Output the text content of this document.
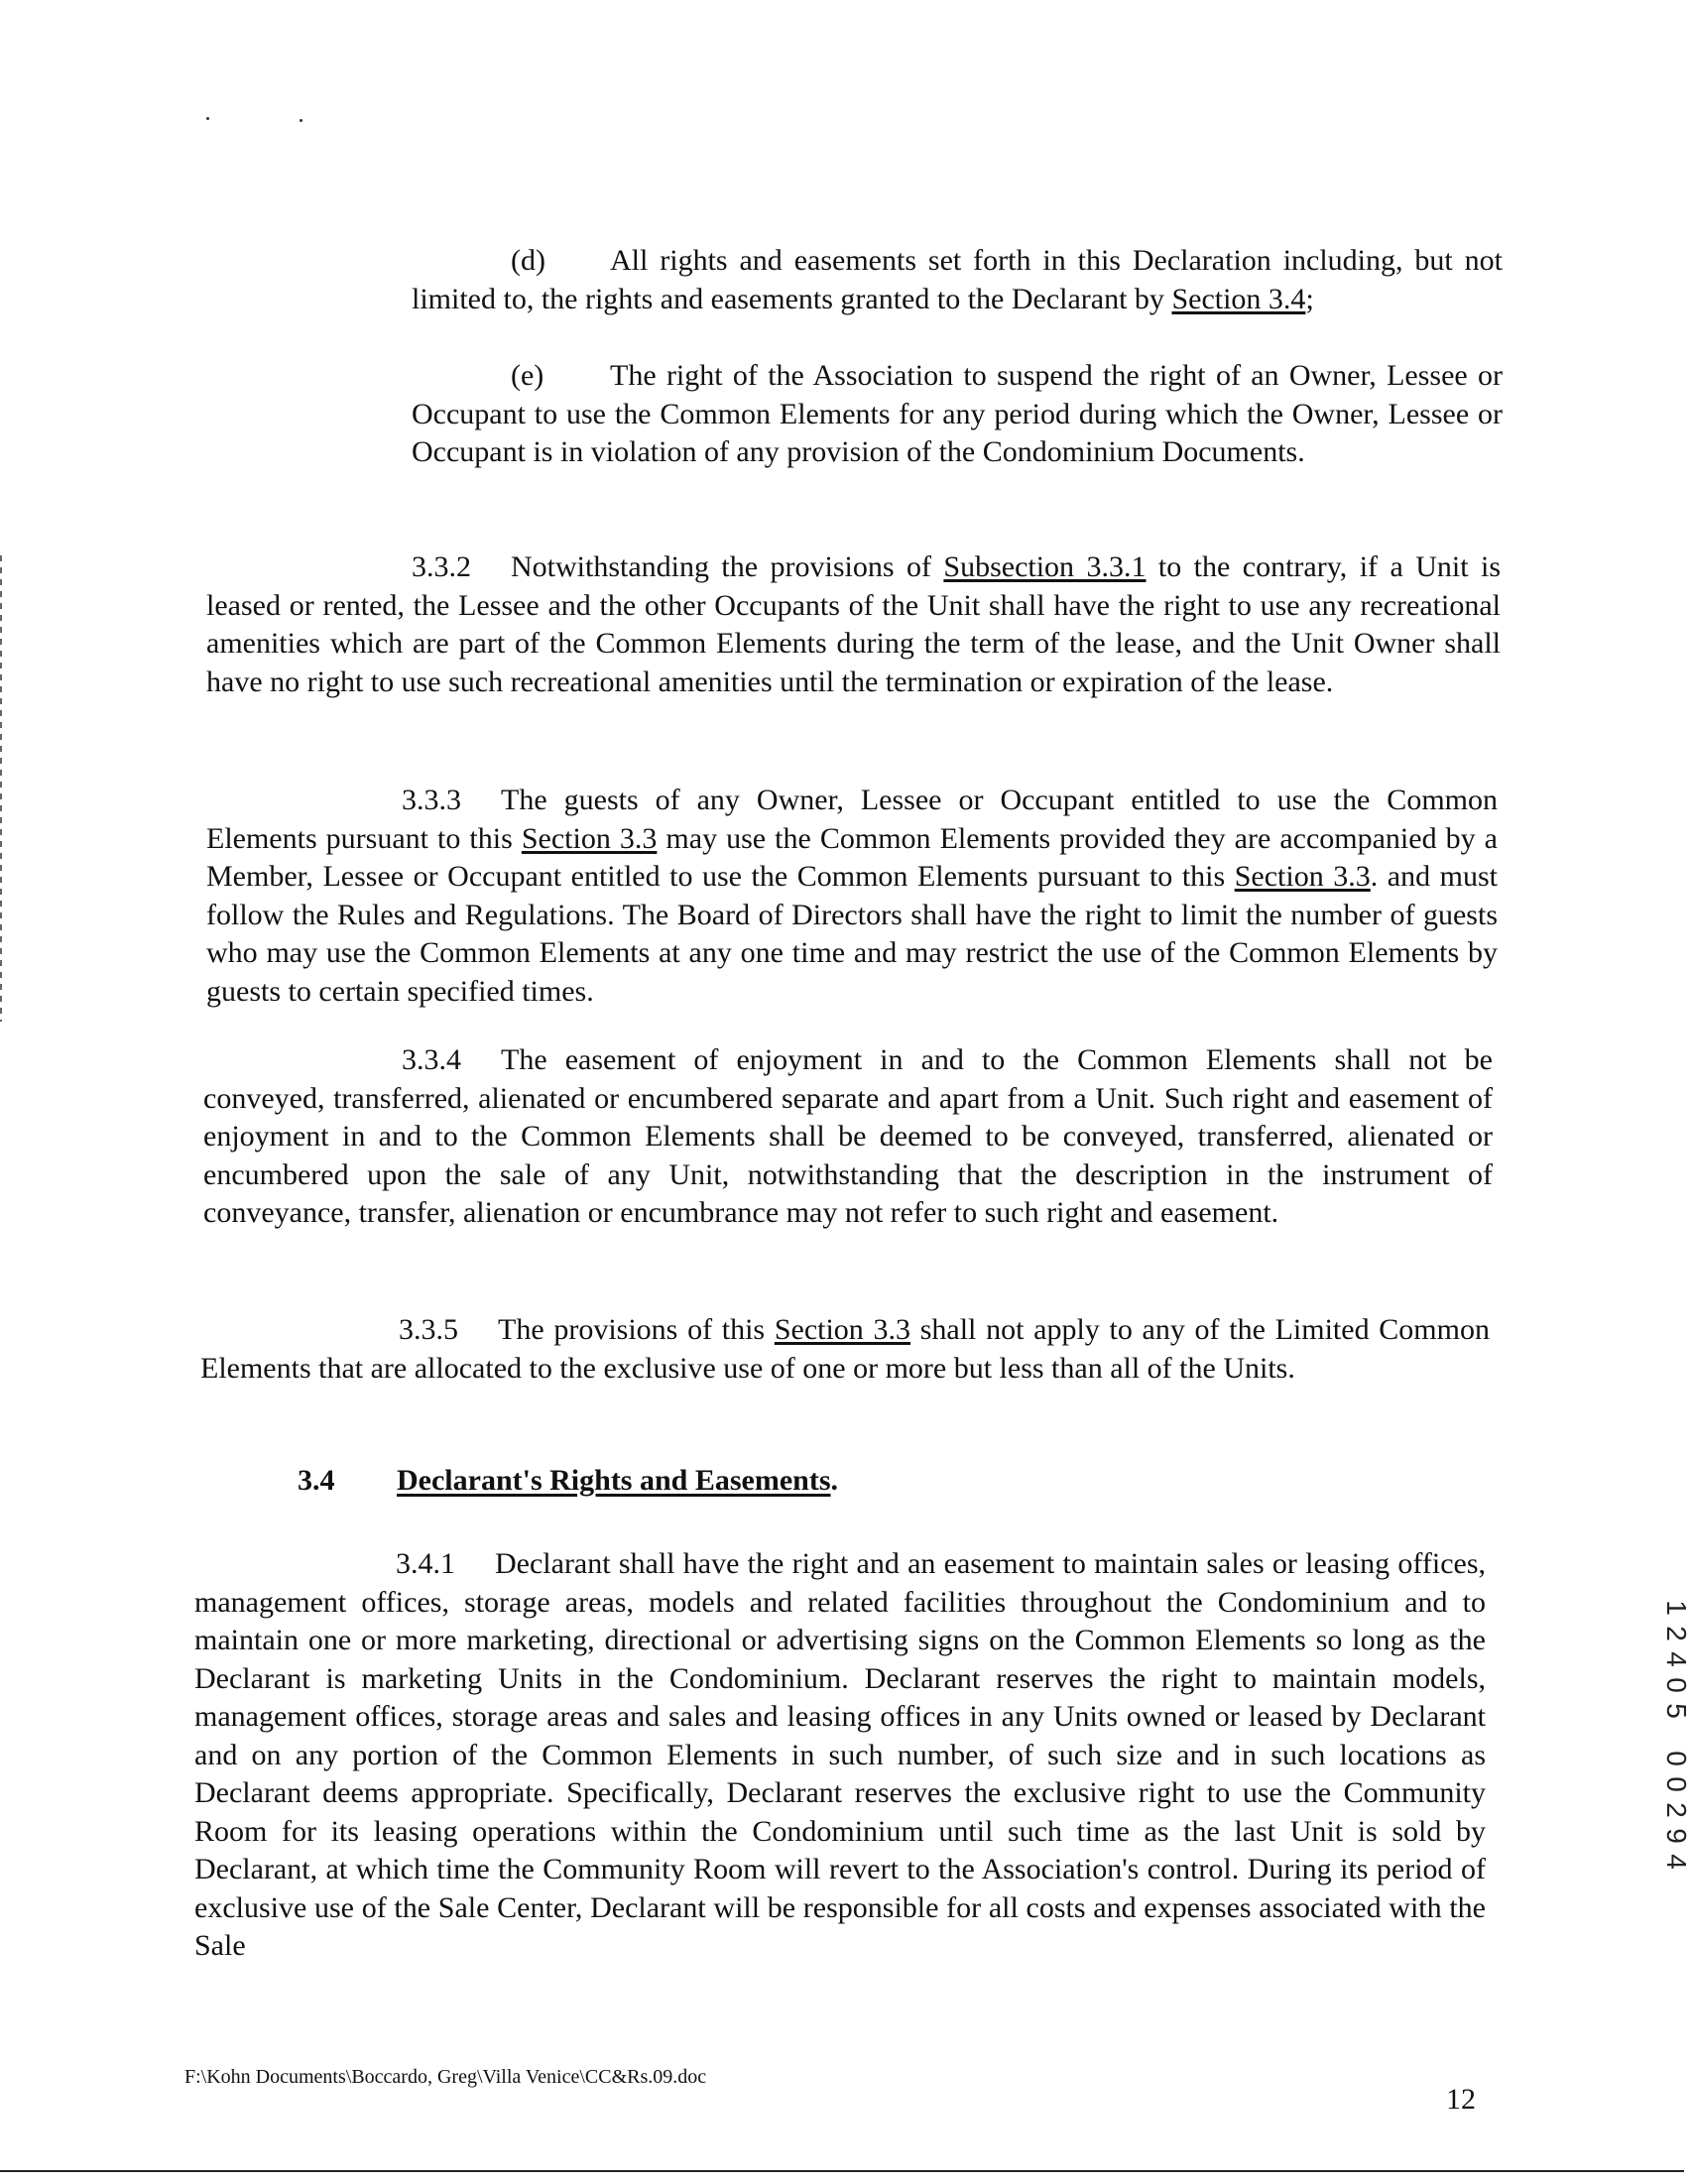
(d) All rights and easements set forth in this Declaration including, but not limited to, the rights and easements granted to the Declarant by Section 3.4;

(e) The right of the Association to suspend the right of an Owner, Lessee or Occupant to use the Common Elements for any period during which the Owner, Lessee or Occupant is in violation of any provision of the Condominium Documents.

3.3.2 Notwithstanding the provisions of Subsection 3.3.1 to the contrary, if a Unit is leased or rented, the Lessee and the other Occupants of the Unit shall have the right to use any recreational amenities which are part of the Common Elements during the term of the lease, and the Unit Owner shall have no right to use such recreational amenities until the termination or expiration of the lease.

3.3.3 The guests of any Owner, Lessee or Occupant entitled to use the Common Elements pursuant to this Section 3.3 may use the Common Elements provided they are accompanied by a Member, Lessee or Occupant entitled to use the Common Elements pursuant to this Section 3.3. and must follow the Rules and Regulations. The Board of Directors shall have the right to limit the number of guests who may use the Common Elements at any one time and may restrict the use of the Common Elements by guests to certain specified times.

3.3.4 The easement of enjoyment in and to the Common Elements shall not be conveyed, transferred, alienated or encumbered separate and apart from a Unit. Such right and easement of enjoyment in and to the Common Elements shall be deemed to be conveyed, transferred, alienated or encumbered upon the sale of any Unit, notwithstanding that the description in the instrument of conveyance, transfer, alienation or encumbrance may not refer to such right and easement.

3.3.5 The provisions of this Section 3.3 shall not apply to any of the Limited Common Elements that are allocated to the exclusive use of one or more but less than all of the Units.

3.4 Declarant's Rights and Easements.

3.4.1 Declarant shall have the right and an easement to maintain sales or leasing offices, management offices, storage areas, models and related facilities throughout the Condominium and to maintain one or more marketing, directional or advertising signs on the Common Elements so long as the Declarant is marketing Units in the Condominium. Declarant reserves the right to maintain models, management offices, storage areas and sales and leasing offices in any Units owned or leased by Declarant and on any portion of the Common Elements in such number, of such size and in such locations as Declarant deems appropriate. Specifically, Declarant reserves the exclusive right to use the Community Room for its leasing operations within the Condominium until such time as the last Unit is sold by Declarant, at which time the Community Room will revert to the Association's control. During its period of exclusive use of the Sale Center, Declarant will be responsible for all costs and expenses associated with the Sale

1
2
4
0
5
0
0
2
9
4

F:\Kohn Documents\Boccardo, Greg\Villa Venice\CC&Rs.09.doc

12
